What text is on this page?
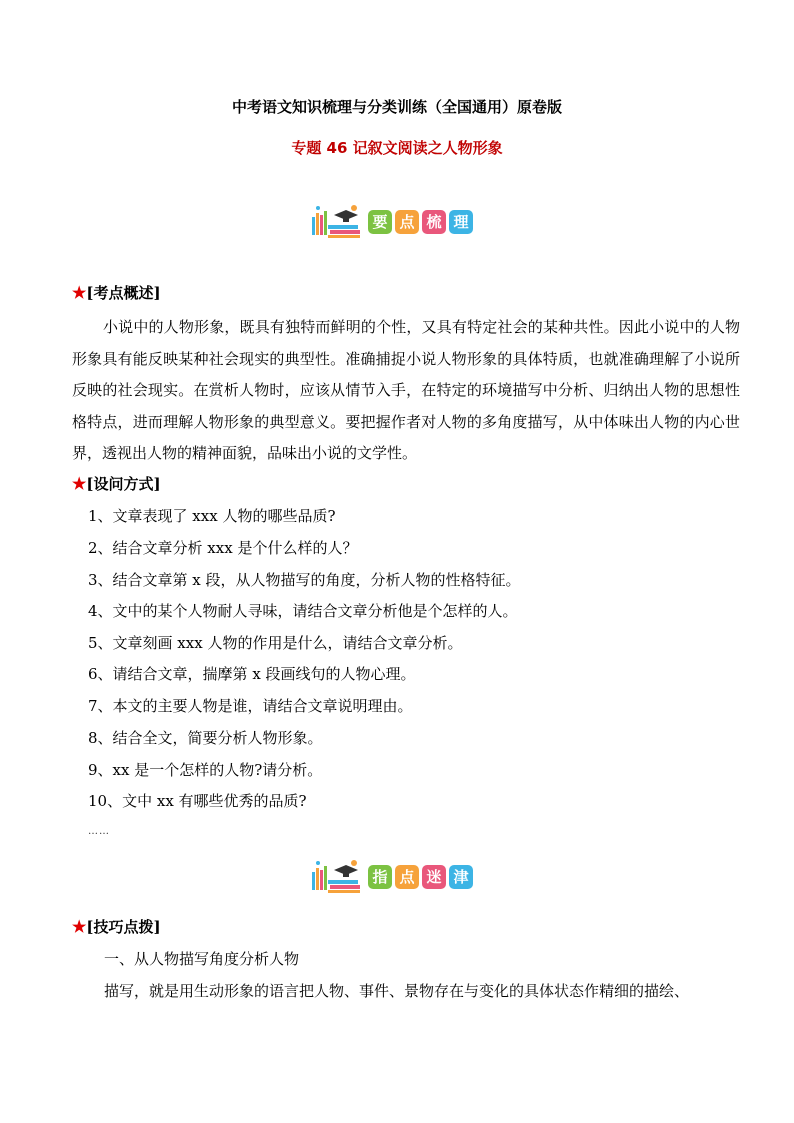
中考语文知识梳理与分类训练（全国通用）原卷版
专题 46 记叙文阅读之人物形象
要 点 梳 理
★[考点概述]
小说中的人物形象，既具有独特而鲜明的个性，又具有特定社会的某种共性。因此小说中的人物形象具有能反映某种社会现实的典型性。准确捕捉小说人物形象的具体特质，也就准确理解了小说所反映的社会现实。在赏析人物时，应该从情节入手，在特定的环境描写中分析、归纳出人物的思想性格特点，进而理解人物形象的典型意义。要把握作者对人物的多角度描写，从中体味出人物的内心世界，透视出人物的精神面貌，品味出小说的文学性。
★[设问方式]
1、文章表现了 xxx 人物的哪些品质?
2、结合文章分析 xxx 是个什么样的人？
3、结合文章第 x 段，从人物描写的角度，分析人物的性格特征。
4、文中的某个人物耐人寻味，请结合文章分析他是个怎样的人。
5、文章刻画 xxx 人物的作用是什么，请结合文章分析。
6、请结合文章，揣摩第 x 段画线句的人物心理。
7、本文的主要人物是谁，请结合文章说明理由。
8、结合全文，简要分析人物形象。
9、xx 是一个怎样的人物?请分析。
10、文中 xx 有哪些优秀的品质?
……
指 点 迷 津
★[技巧点拨]
一、从人物描写角度分析人物
描写，就是用生动形象的语言把人物、事件、景物存在与变化的具体状态作精细的描绘、
